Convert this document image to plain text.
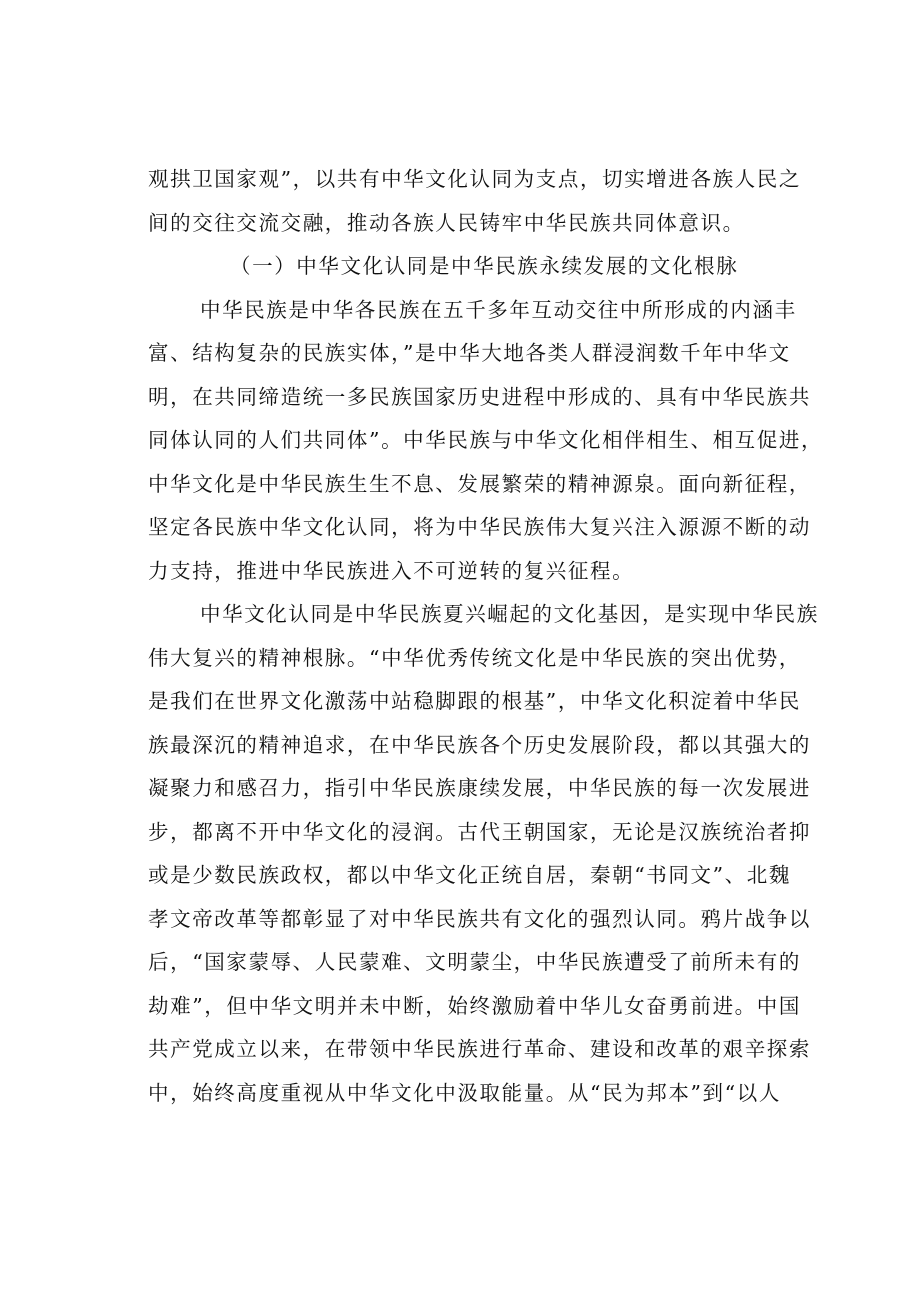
观拱卫国家观”，以共有中华文化认同为支点，切实增进各族人民之
间的交往交流交融，推动各族人民铸牢中华民族共同体意识。
（一）中华文化认同是中华民族永续发展的文化根脉
中华民族是中华各民族在五千多年互动交往中所形成的内涵丰
富、结构复杂的民族实体，”是中华大地各类人群浸润数千年中华文
明，在共同缔造统一多民族国家历史进程中形成的、具有中华民族共
同体认同的人们共同体”。中华民族与中华文化相伴相生、相互促进，
中华文化是中华民族生生不息、发展繁荣的精神源泉。面向新征程，
坚定各民族中华文化认同，将为中华民族伟大复兴注入源源不断的动
力支持，推进中华民族进入不可逆转的复兴征程。
中华文化认同是中华民族夏兴崛起的文化基因，是实现中华民族
伟大复兴的精神根脉。“中华优秀传统文化是中华民族的突出优势，
是我们在世界文化激荡中站稳脚跟的根基”，中华文化积淀着中华民
族最深沉的精神追求，在中华民族各个历史发展阶段，都以其强大的
凝聚力和感召力，指引中华民族康续发展，中华民族的每一次发展进
步，都离不开中华文化的浸润。古代王朝国家，无论是汉族统治者抑
或是少数民族政权，都以中华文化正统自居，秦朝“书同文”、北魏
孝文帝改革等都彰显了对中华民族共有文化的强烈认同。鸦片战争以
后，“国家蒙辱、人民蒙难、文明蒙尘，中华民族遭受了前所未有的
劫难”，但中华文明并未中断，始终激励着中华儿女奋勇前进。中国
共产党成立以来，在带领中华民族进行革命、建设和改革的艰辛探索
中，始终高度重视从中华文化中汲取能量。从“民为邦本”到“以人
